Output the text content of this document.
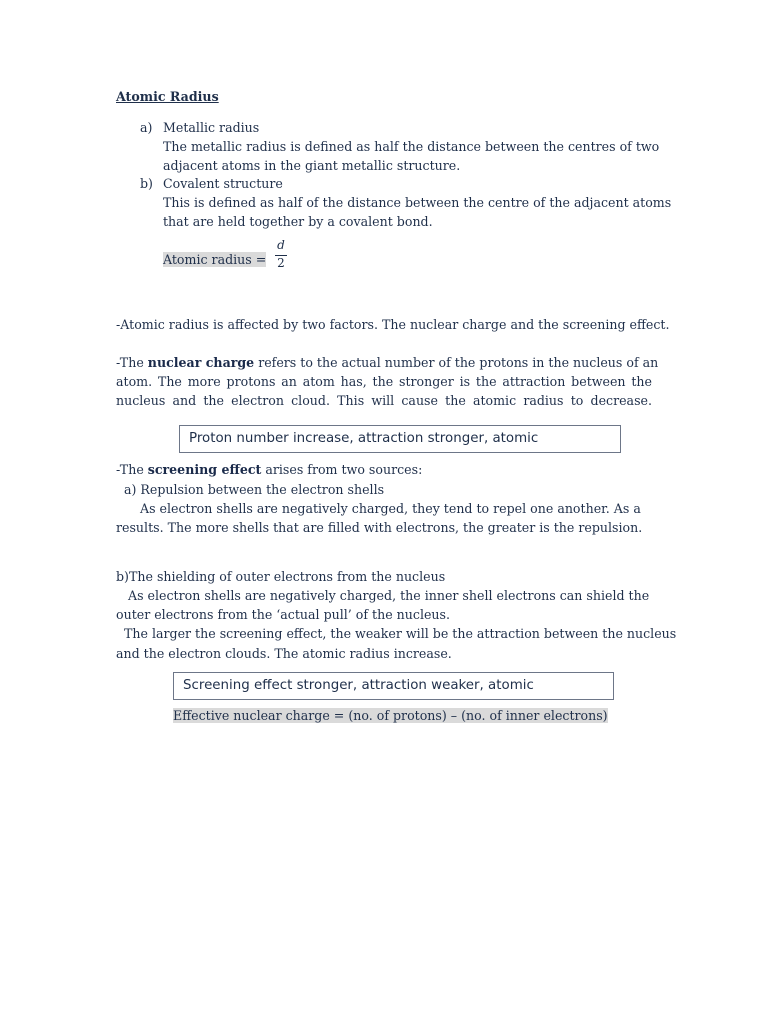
Atomic Radius

a) Metallic radius

The metallic radius is defined as half the distance between the centres of two

adjacent atoms in the giant metallic structure.

b) Covalent structure

This is defined as half of the distance between the centre of the adjacent atoms

that are held together by a covalent bond.

Atomic radius =

d
2

-Atomic radius is affected by two factors. The nuclear charge and the screening effect.

-The nuclear charge refers to the actual number of the protons in the nucleus of an

atom. The more protons an atom has, the stronger is the attraction between the

nucleus and the electron cloud. This will cause the atomic radius to decrease.

Proton number increase, attraction stronger, atomic

-The screening effect arises from two sources:

a) Repulsion between the electron shells

As electron shells are negatively charged, they tend to repel one another. As a

results. The more shells that are filled with electrons, the greater is the repulsion.

b)The shielding of outer electrons from the nucleus

As electron shells are negatively charged, the inner shell electrons can shield the

outer electrons from the ‘actual pull’ of the nucleus.

The larger the screening effect, the weaker will be the attraction between the nucleus

and the electron clouds. The atomic radius increase.

Screening effect stronger, attraction weaker, atomic

Effective nuclear charge = (no. of protons) – (no. of inner electrons)
